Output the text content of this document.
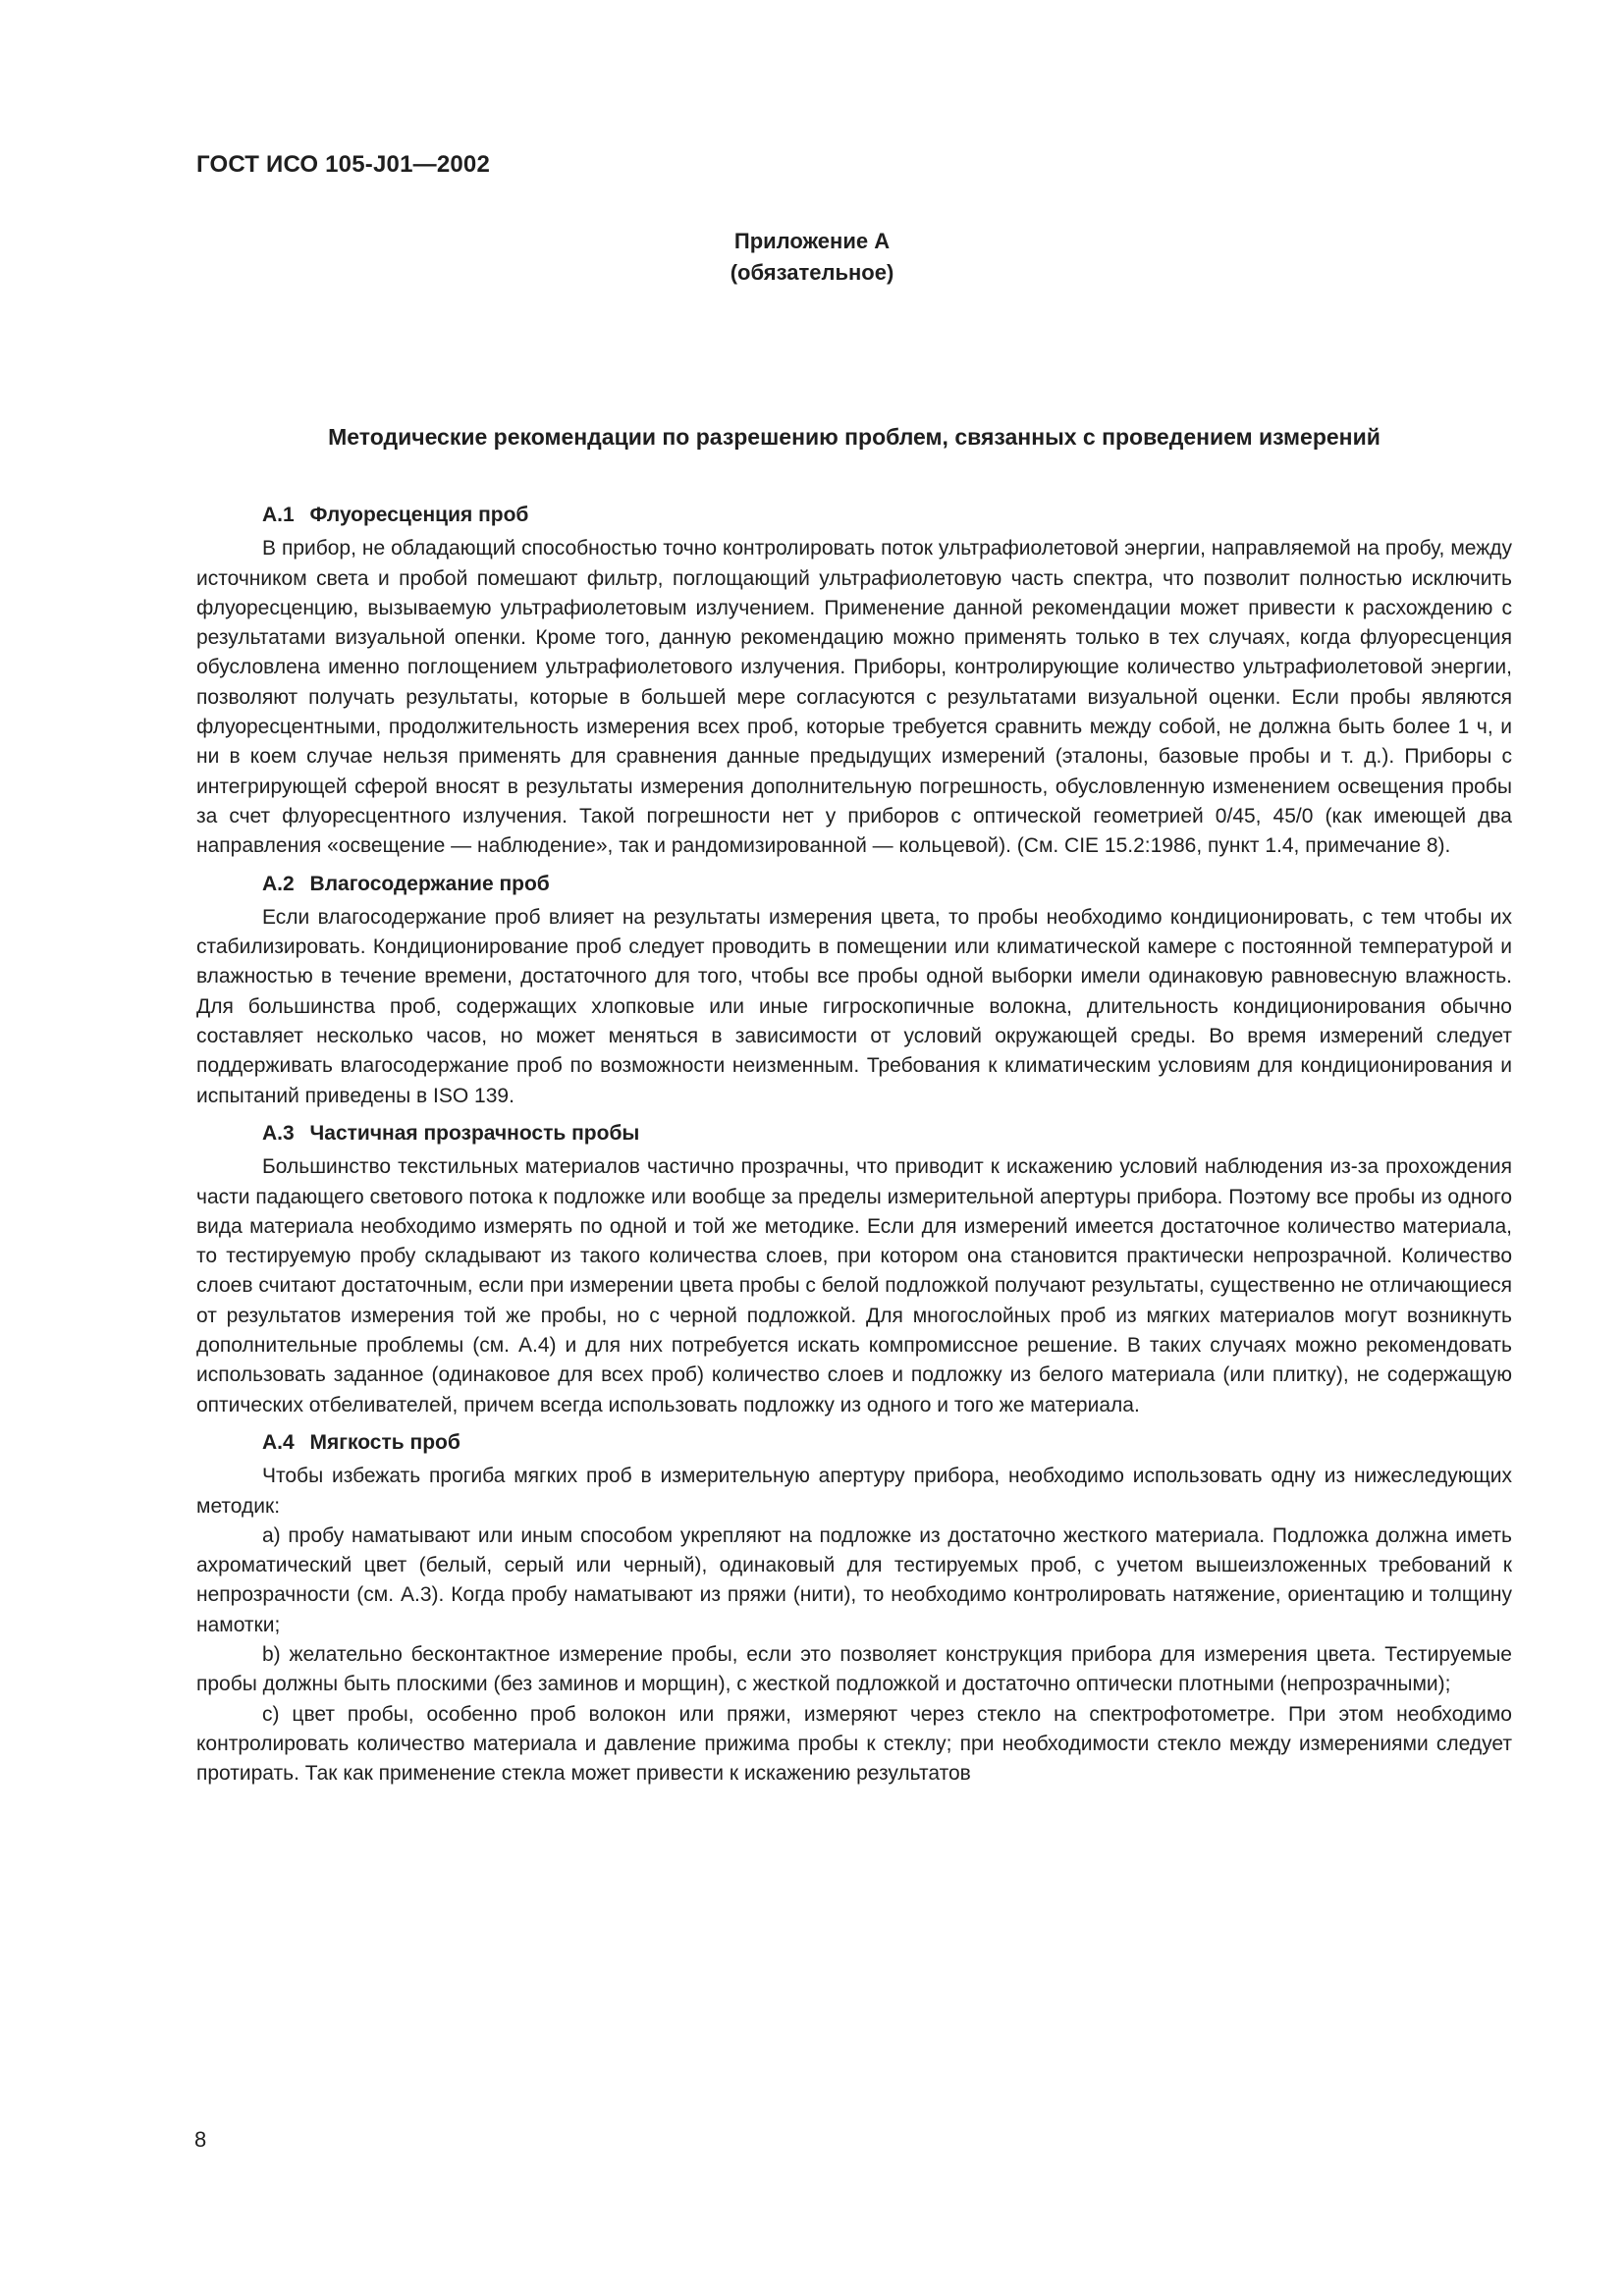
ГОСТ ИСО 105-J01—2002
Приложение А
(обязательное)
Методические рекомендации по разрешению проблем, связанных с проведением измерений
А.1 Флуоресценция проб

В прибор, не обладающий способностью точно контролировать поток ультрафиолетовой энергии, направляемой на пробу, между источником света и пробой помешают фильтр, поглощающий ультрафиолетовую часть спектра, что позволит полностью исключить флуоресценцию, вызываемую ультрафиолетовым излучением. Применение данной рекомендации может привести к расхождению с результатами визуальной опенки. Кроме того, данную рекомендацию можно применять только в тех случаях, когда флуоресценция обусловлена именно поглощением ультрафиолетового излучения. Приборы, контролирующие количество ультрафиолетовой энергии, позволяют получать результаты, которые в большей мере согласуются с результатами визуальной оценки. Если пробы являются флуоресцентными, продолжительность измерения всех проб, которые требуется сравнить между собой, не должна быть более 1 ч, и ни в коем случае нельзя применять для сравнения данные предыдущих измерений (эталоны, базовые пробы и т. д.). Приборы с интегрирующей сферой вносят в результаты измерения дополнительную погрешность, обусловленную изменением освещения пробы за счет флуоресцентного излучения. Такой погрешности нет у приборов с оптической геометрией 0/45, 45/0 (как имеющей два направления «освещение — наблюдение», так и рандомизированной — кольцевой). (См. CIE 15.2:1986, пункт 1.4, примечание 8).

А.2 Влагосодержание проб

Если влагосодержание проб влияет на результаты измерения цвета, то пробы необходимо кондиционировать, с тем чтобы их стабилизировать. Кондиционирование проб следует проводить в помещении или климатической камере с постоянной температурой и влажностью в течение времени, достаточного для того, чтобы все пробы одной выборки имели одинаковую равновесную влажность. Для большинства проб, содержащих хлопковые или иные гигроскопичные волокна, длительность кондиционирования обычно составляет несколько часов, но может меняться в зависимости от условий окружающей среды. Во время измерений следует поддерживать влагосодержание проб по возможности неизменным. Требования к климатическим условиям для кондиционирования и испытаний приведены в ISO 139.

А.3 Частичная прозрачность пробы

Большинство текстильных материалов частично прозрачны, что приводит к искажению условий наблюдения из-за прохождения части падающего светового потока к подложке или вообще за пределы измерительной апертуры прибора. Поэтому все пробы из одного вида материала необходимо измерять по одной и той же методике. Если для измерений имеется достаточное количество материала, то тестируемую пробу складывают из такого количества слоев, при котором она становится практически непрозрачной. Количество слоев считают достаточным, если при измерении цвета пробы с белой подложкой получают результаты, существенно не отличающиеся от результатов измерения той же пробы, но с черной подложкой. Для многослойных проб из мягких материалов могут возникнуть дополнительные проблемы (см. А.4) и для них потребуется искать компромиссное решение. В таких случаях можно рекомендовать использовать заданное (одинаковое для всех проб) количество слоев и подложку из белого материала (или плитку), не содержащую оптических отбеливателей, причем всегда использовать подложку из одного и того же материала.

А.4 Мягкость проб

Чтобы избежать прогиба мягких проб в измерительную апертуру прибора, необходимо использовать одну из нижеследующих методик:

а) пробу наматывают или иным способом укрепляют на подложке из достаточно жесткого материала. Подложка должна иметь ахроматический цвет (белый, серый или черный), одинаковый для тестируемых проб, с учетом вышеизложенных требований к непрозрачности (см. А.3). Когда пробу наматывают из пряжи (нити), то необходимо контролировать натяжение, ориентацию и толщину намотки;

b) желательно бесконтактное измерение пробы, если это позволяет конструкция прибора для измерения цвета. Тестируемые пробы должны быть плоскими (без заминов и морщин), с жесткой подложкой и достаточно оптически плотными (непрозрачными);

c) цвет пробы, особенно проб волокон или пряжи, измеряют через стекло на спектрофотометре. При этом необходимо контролировать количество материала и давление прижима пробы к стеклу; при необходимости стекло между измерениями следует протирать. Так как применение стекла может привести к искажению результатов

8
